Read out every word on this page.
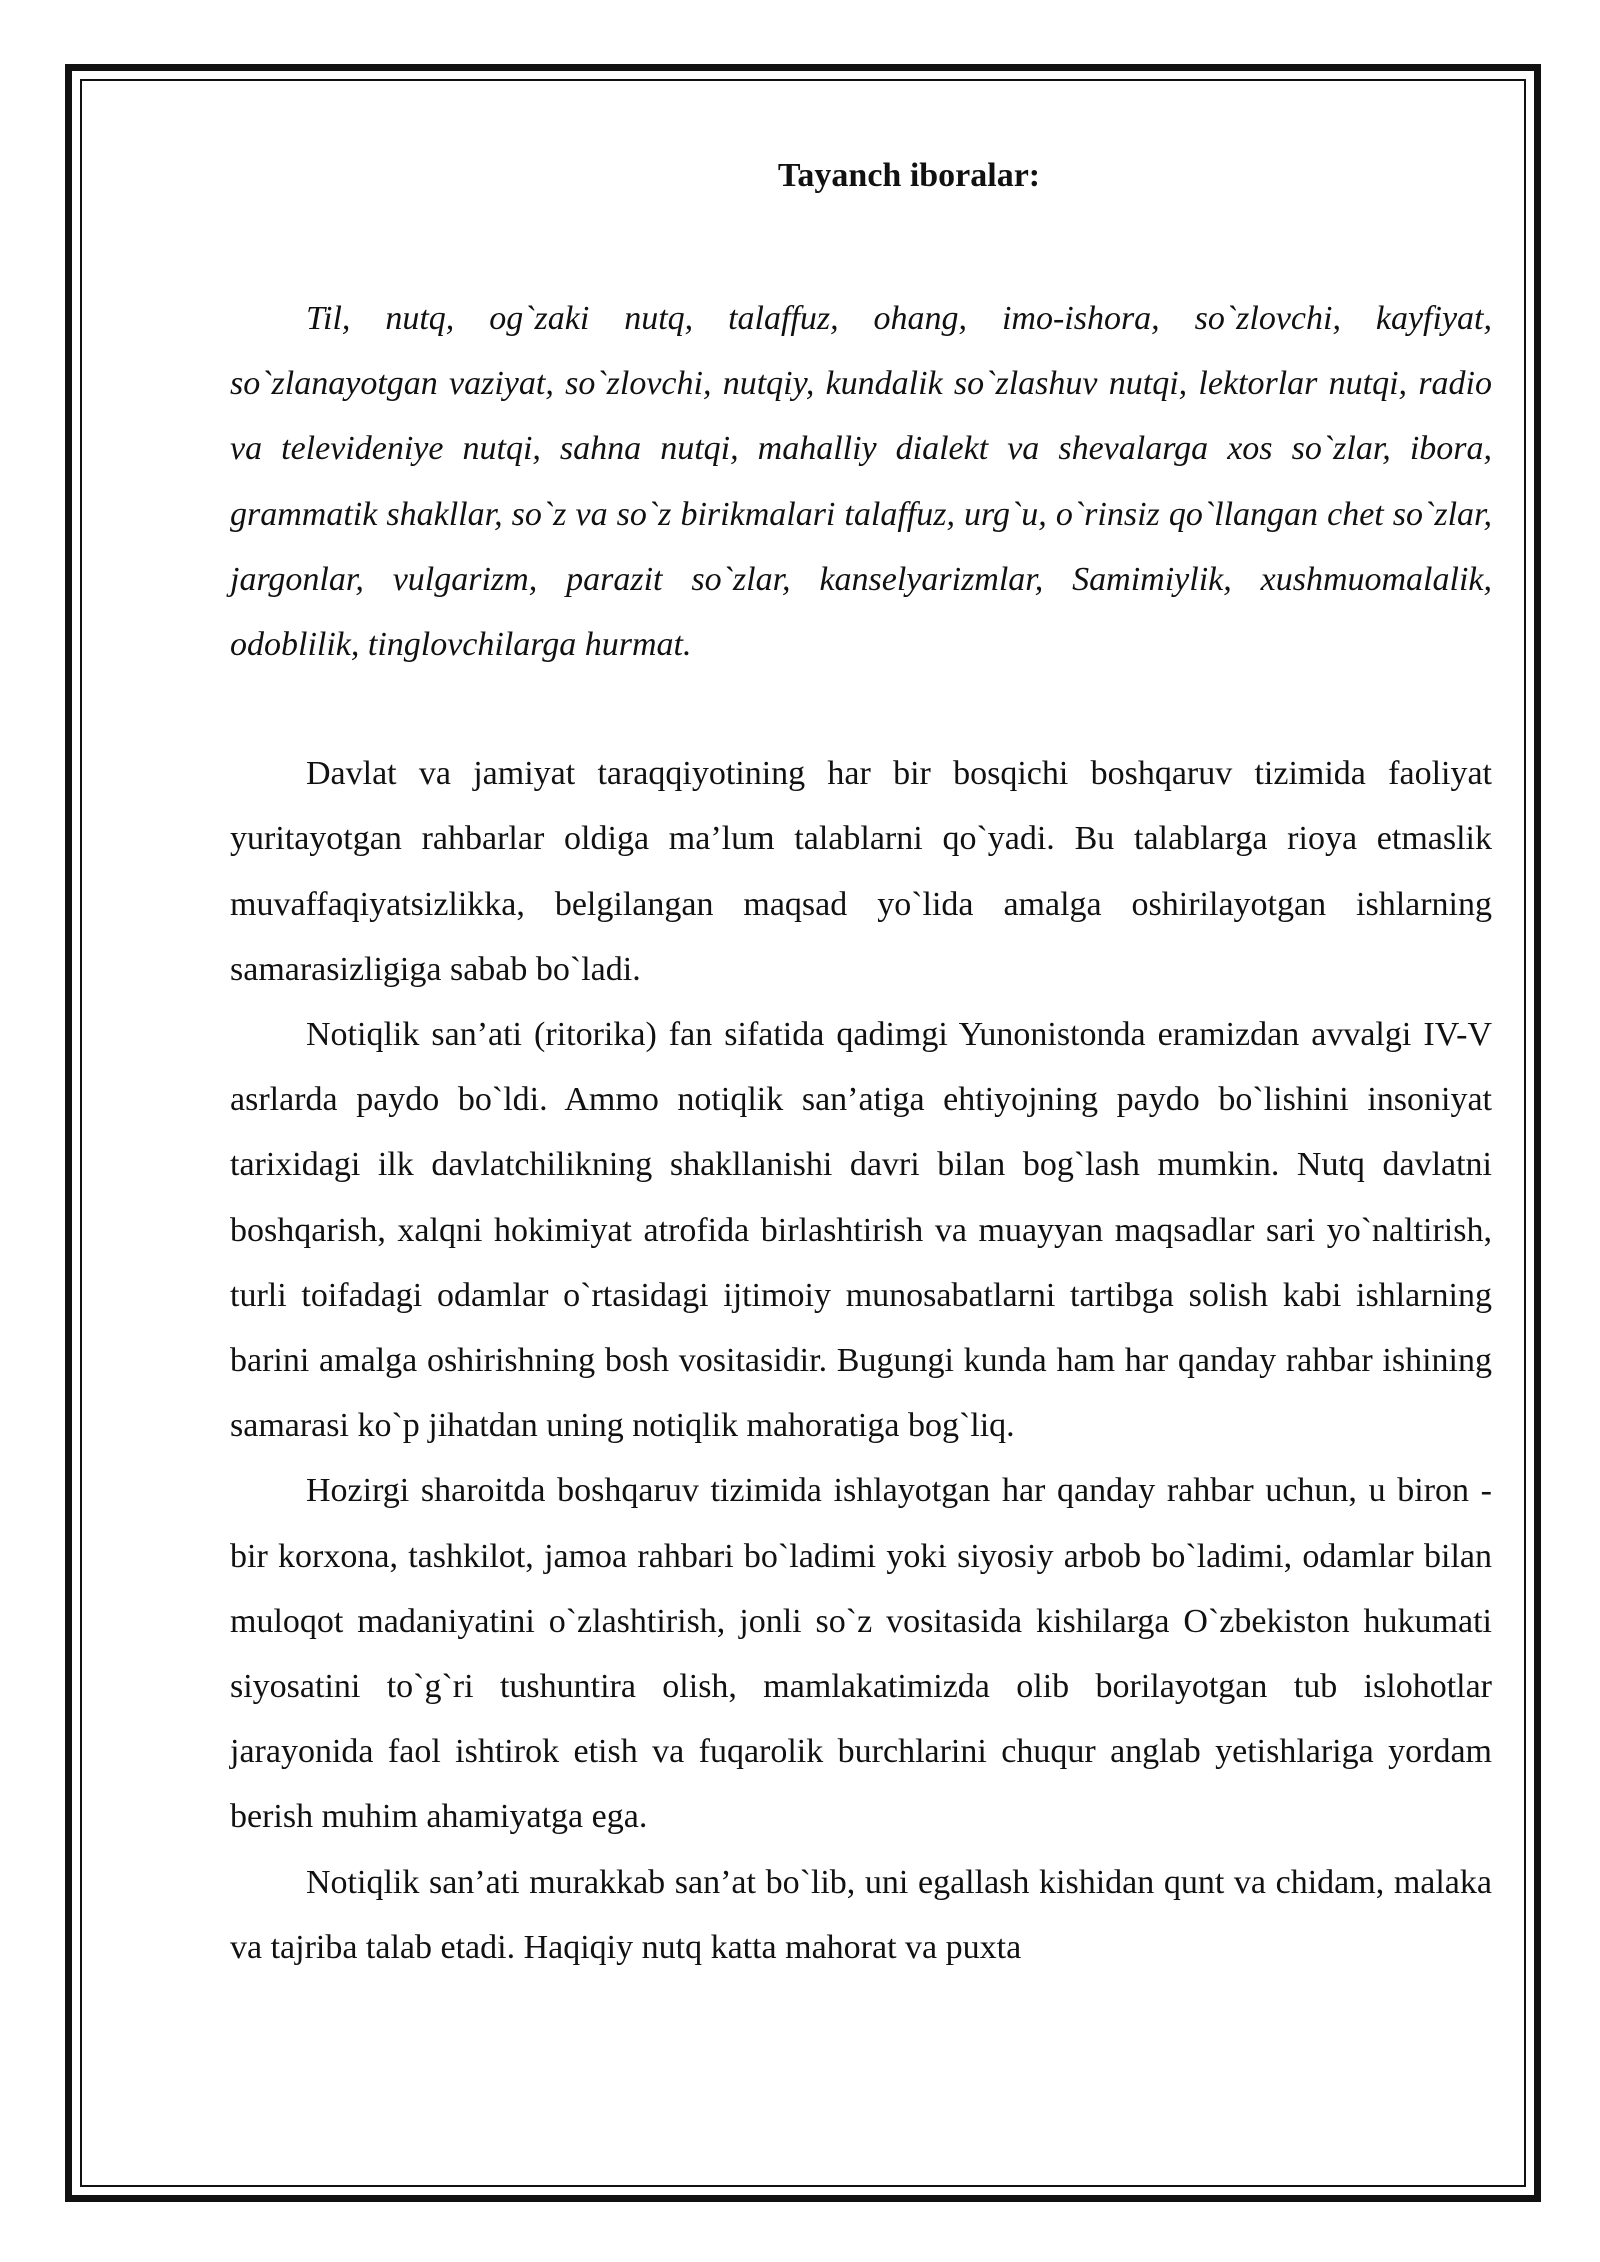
Tayanch iboralar:

Til, nutq, og`zaki nutq, talaffuz, ohang, imo-ishora, so`zlovchi, kayfiyat, so`zlanayotgan vaziyat, so`zlovchi, nutqiy, kundalik so`zlashuv nutqi, lektorlar nutqi, radio va televideniye nutqi, sahna nutqi, mahalliy dialekt va shevalarga xos so`zlar, ibora, grammatik shakllar, so`z va so`z birikmalari talaffuz, urg`u, o`rinsiz qo`llangan chet so`zlar, jargonlar, vulgarizm, parazit so`zlar, kanselyarizmlar, Samimiylik, xushmuomalalik, odoblilik, tinglovchilarga hurmat.

Davlat va jamiyat taraqqiyotining har bir bosqichi boshqaruv tizimida faoliyat yuritayotgan rahbarlar oldiga ma’lum talablarni qo`yadi. Bu talablarga rioya etmaslik muvaffaqiyatsizlikka, belgilangan maqsad yo`lida amalga oshirilayotgan ishlarning samarasizligiga sabab bo`ladi.

Notiqlik san’ati (ritorika) fan sifatida qadimgi Yunonistonda eramizdan avvalgi IV-V asrlarda paydo bo`ldi. Ammo notiqlik san’atiga ehtiyojning paydo bo`lishini insoniyat tarixidagi ilk davlatchilikning shakllanishi davri bilan bog`lash mumkin. Nutq davlatni boshqarish, xalqni hokimiyat atrofida birlashtirish va muayyan maqsadlar sari yo`naltirish, turli toifadagi odamlar o`rtasidagi ijtimoiy munosabatlarni tartibga solish kabi ishlarning barini amalga oshirishning bosh vositasidir. Bugungi kunda ham har qanday rahbar ishining samarasi ko`p jihatdan uning notiqlik mahoratiga bog`liq.

Hozirgi sharoitda boshqaruv tizimida ishlayotgan har qanday rahbar uchun, u biron - bir korxona, tashkilot, jamoa rahbari bo`ladimi yoki siyosiy arbob bo`ladimi, odamlar bilan muloqot madaniyatini o`zlashtirish, jonli so`z vositasida kishilarga O`zbekiston hukumati siyosatini to`g`ri tushuntira olish, mamlakatimizda olib borilayotgan tub islohotlar jarayonida faol ishtirok etish va fuqarolik burchlarini chuqur anglab yetishlariga yordam berish muhim ahamiyatga ega.

Notiqlik san’ati murakkab san’at bo`lib, uni egallash kishidan qunt va chidam, malaka va tajriba talab etadi. Haqiqiy nutq katta mahorat va puxta
